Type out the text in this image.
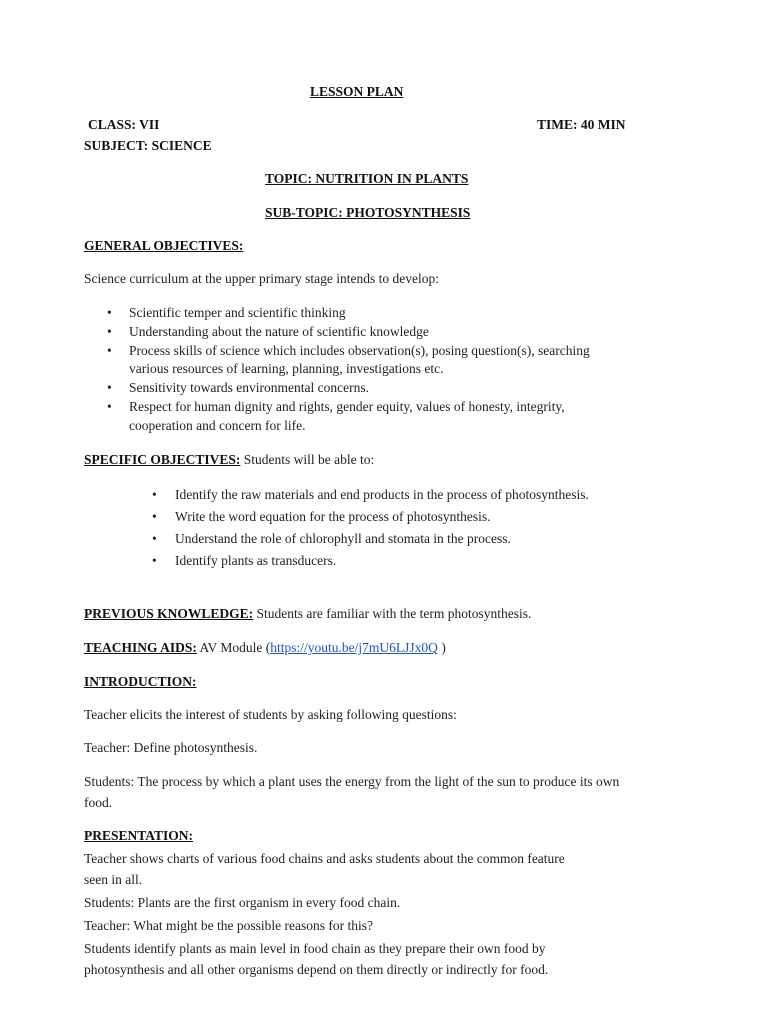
LESSON PLAN
CLASS: VII	TIME: 40 MIN
SUBJECT: SCIENCE
TOPIC: NUTRITION IN PLANTS
SUB-TOPIC: PHOTOSYNTHESIS
GENERAL OBJECTIVES:
Science curriculum at the upper primary stage intends to develop:
• Scientific temper and scientific thinking
• Understanding about the nature of scientific knowledge
• Process skills of science which includes observation(s), posing question(s), searching
various resources of learning, planning, investigations etc.
• Sensitivity towards environmental concerns.
• Respect for human dignity and rights, gender equity, values of honesty, integrity,
cooperation and concern for life.
SPECIFIC OBJECTIVES: Students will be able to:
• Identify the raw materials and end products in the process of photosynthesis.
• Write the word equation for the process of photosynthesis.
• Understand the role of chlorophyll and stomata in the process.
• Identify plants as transducers.
PREVIOUS KNOWLEDGE: Students are familiar with the term photosynthesis.
TEACHING AIDS: AV Module (https://youtu.be/j7mU6LJJx0Q )
INTRODUCTION:
Teacher elicits the interest of students by asking following questions:
Teacher: Define photosynthesis.
Students: The process by which a plant uses the energy from the light of the sun to produce its own
food.
PRESENTATION:
Teacher shows charts of various food chains and asks students about the common feature
seen in all.
Students: Plants are the first organism in every food chain.
Teacher: What might be the possible reasons for this?
Students identify plants as main level in food chain as they prepare their own food by
photosynthesis and all other organisms depend on them directly or indirectly for food.
